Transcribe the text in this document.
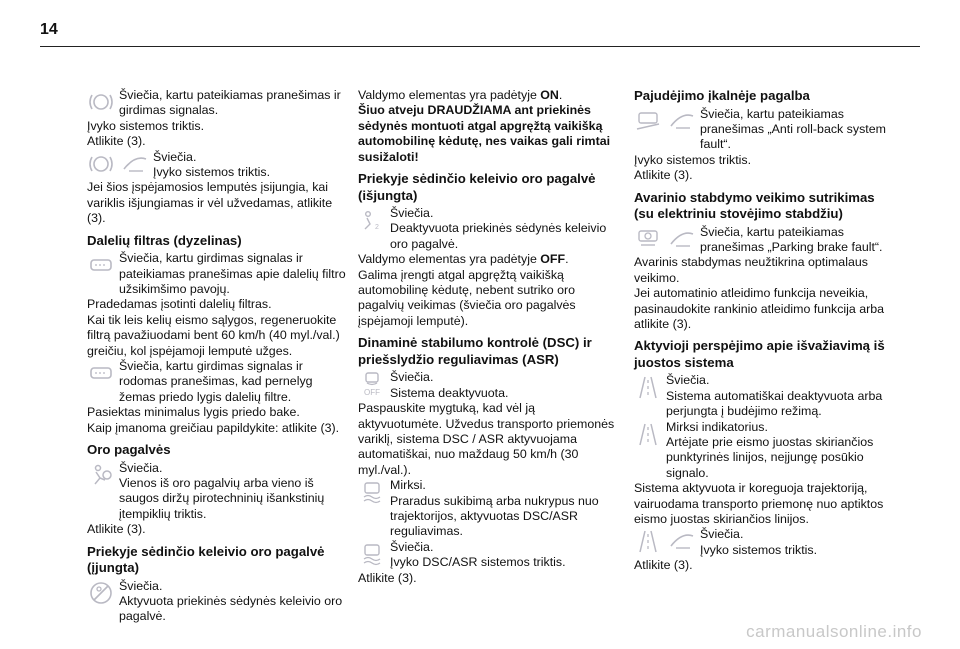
14
Šviečia, kartu pateikiamas pranešimas ir girdimas signalas.

Įvyko sistemos triktis.

Atlikite (3).

Šviečia.
Įvyko sistemos triktis.

Jei šios įspėjamosios lemputės įsijungia, kai variklis išjungiamas ir vėl užvedamas, atlikite (3).

Dalelių filtras (dyzelinas)
Šviečia, kartu girdimas signalas ir pateikiamas pranešimas apie dalelių filtro užsikimšimo pavojų.

Pradedamas įsotinti dalelių filtras.

Kai tik leis kelių eismo sąlygos, regeneruokite filtrą pavažiuodami bent 60 km/h (40 myl./val.) greičiu, kol įspėjamoji lemputė užges.

Šviečia, kartu girdimas signalas ir rodomas pranešimas, kad pernelyg žemas priedo lygis dalelių filtre.

Pasiektas minimalus lygis priedo bake.

Kaip įmanoma greičiau papildykite: atlikite (3).

Oro pagalvės
Šviečia.
Vienos iš oro pagalvių arba vieno iš saugos diržų pirotechninių išankstinių įtempiklių triktis.

Atlikite (3).

Priekyje sėdinčio keleivio oro pagalvė (įjungta)
Šviečia.
Aktyvuota priekinės sėdynės keleivio oro pagalvė.

Valdymo elementas yra padėtyje ON.

Šiuo atveju DRAUDŽIAMA ant priekinės sėdynės montuoti atgal apgręžtą vaikišką automobilinę kėdutę, nes vaikas gali rimtai susižaloti!

Priekyje sėdinčio keleivio oro pagalvė (išjungta)
2
Šviečia.
Deaktyvuota priekinės sėdynės keleivio oro pagalvė.

Valdymo elementas yra padėtyje OFF.

Galima įrengti atgal apgręžtą vaikišką automobilinę kėdutę, nebent sutriko oro pagalvių veikimas (šviečia oro pagalvės įspėjamoji lemputė).

Dinaminė stabilumo kontrolė (DSC) ir priešslydžio reguliavimas (ASR)
OFF
Šviečia.
Sistema deaktyvuota.

Paspauskite mygtuką, kad vėl ją aktyvuotumėte. Užvedus transporto priemonės variklį, sistema DSC / ASR aktyvuojama automatiškai, nuo maždaug 50 km/h (30 myl./val.).

Mirksi.
Praradus sukibimą arba nukrypus nuo trajektorijos, aktyvuotas DSC/ASR reguliavimas.
Šviečia.
Įvyko DSC/ASR sistemos triktis.

Atlikite (3).

Pajudėjimo įkalnėje pagalba
Šviečia, kartu pateikiamas pranešimas „Anti roll-back system fault“.

Įvyko sistemos triktis.

Atlikite (3).

Avarinio stabdymo veikimo sutrikimas (su elektriniu stovėjimo stabdžiu)
Šviečia, kartu pateikiamas pranešimas „Parking brake fault“.

Avarinis stabdymas neužtikrina optimalaus veikimo.

Jei automatinio atleidimo funkcija neveikia, pasinaudokite rankinio atleidimo funkcija arba atlikite (3).

Aktyvioji perspėjimo apie išvažiavimą iš juostos sistema
Šviečia.
Sistema automatiškai deaktyvuota arba perjungta į budėjimo režimą.
Mirksi indikatorius.
Artėjate prie eismo juostas skiriančios punktyrinės linijos, neįjungę posūkio signalo.

Sistema aktyvuota ir koreguoja trajektoriją, vairuodama transporto priemonę nuo aptiktos eismo juostas skiriančios linijos.

Šviečia.
Įvyko sistemos triktis.

Atlikite (3).

carmanualsonline.info
